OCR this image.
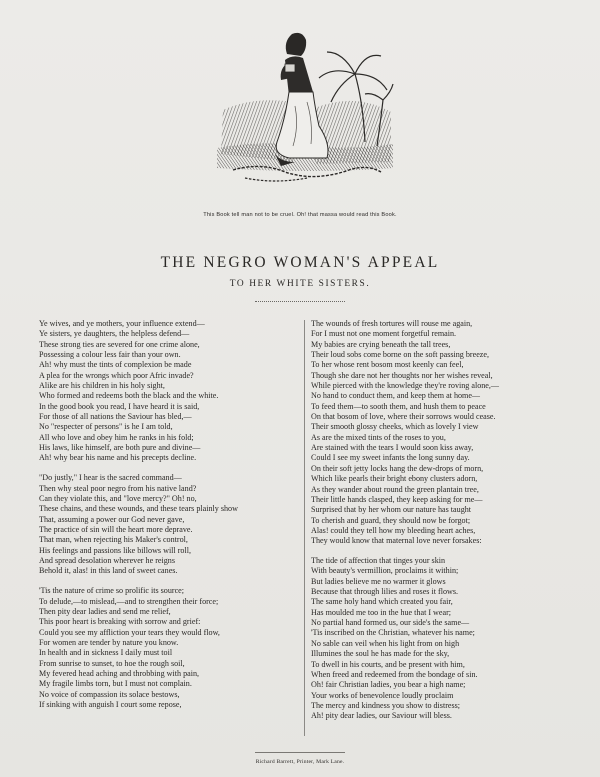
This Book tell man not to be cruel. Oh! that massa would read this Book.
THE NEGRO WOMAN'S APPEAL
TO HER WHITE SISTERS.
Ye wives, and ye mothers, your influence extend—
Ye sisters, ye daughters, the helpless defend—
These strong ties are severed for one crime alone,
Possessing a colour less fair than your own.
Ah! why must the tints of complexion be made
A plea for the wrongs which poor Afric invade?
Alike are his children in his holy sight,
Who formed and redeems both the black and the white.
In the good book you read, I have heard it is said,
For those of all nations the Saviour has bled,—
No "respecter of persons" is he I am told,
All who love and obey him he ranks in his fold;
His laws, like himself, are both pure and divine—
Ah! why bear his name and his precepts decline.
"Do justly," I hear is the sacred command—
Then why steal poor negro from his native land?
Can they violate this, and "love mercy?" Oh! no,
These chains, and these wounds, and these tears plainly show
That, assuming a power our God never gave,
The practice of sin will the heart more deprave.
That man, when rejecting his Maker's control,
His feelings and passions like billows will roll,
And spread desolation wherever he reigns
Behold it, alas! in this land of sweet canes.
'Tis the nature of crime so prolific its source;
To delude,—to mislead,—and to strengthen their force;
Then pity dear ladies and send me relief,
This poor heart is breaking with sorrow and grief:
Could you see my affliction your tears they would flow,
For women are tender by nature you know.
In health and in sickness I daily must toil
From sunrise to sunset, to hoe the rough soil,
My fevered head aching and throbbing with pain,
My fragile limbs torn, but I must not complain.
No voice of compassion its solace bestows,
If sinking with anguish I court some repose,
The wounds of fresh tortures will rouse me again,
For I must not one moment forgetful remain.
My babies are crying beneath the tall trees,
Their loud sobs come borne on the soft passing breeze,
To her whose rent bosom most keenly can feel,
Though she dare not her thoughts nor her wishes reveal,
While pierced with the knowledge they're roving alone,—
No hand to conduct them, and keep them at home—
To feed them—to sooth them, and hush them to peace
On that bosom of love, where their sorrows would cease.
Their smooth glossy cheeks, which as lovely I view
As are the mixed tints of the roses to you,
Are stained with the tears I would soon kiss away,
Could I see my sweet infants the long sunny day.
On their soft jetty locks hang the dew-drops of morn,
Which like pearls their bright ebony clusters adorn,
As they wander about round the green plantain tree,
Their little hands clasped, they keep asking for me—
Surprised that by her whom our nature has taught
To cherish and guard, they should now be forgot;
Alas! could they tell how my bleeding heart aches,
They would know that maternal love never forsakes:
The tide of affection that tinges your skin
With beauty's vermillion, proclaims it within;
But ladies believe me no warmer it glows
Because that through lilies and roses it flows.
The same holy hand which created you fair,
Has moulded me too in the hue that I wear;
No partial hand formed us, our side's the same—
'Tis inscribed on the Christian, whatever his name;
No sable can veil when his light from on high
Illumines the soul he has made for the sky,
To dwell in his courts, and be present with him,
When freed and redeemed from the bondage of sin.
Oh! fair Christian ladies, you bear a high name;
Your works of benevolence loudly proclaim
The mercy and kindness you show to distress;
Ah! pity dear ladies, our Saviour will bless.
Richard Barrett, Printer, Mark Lane.
